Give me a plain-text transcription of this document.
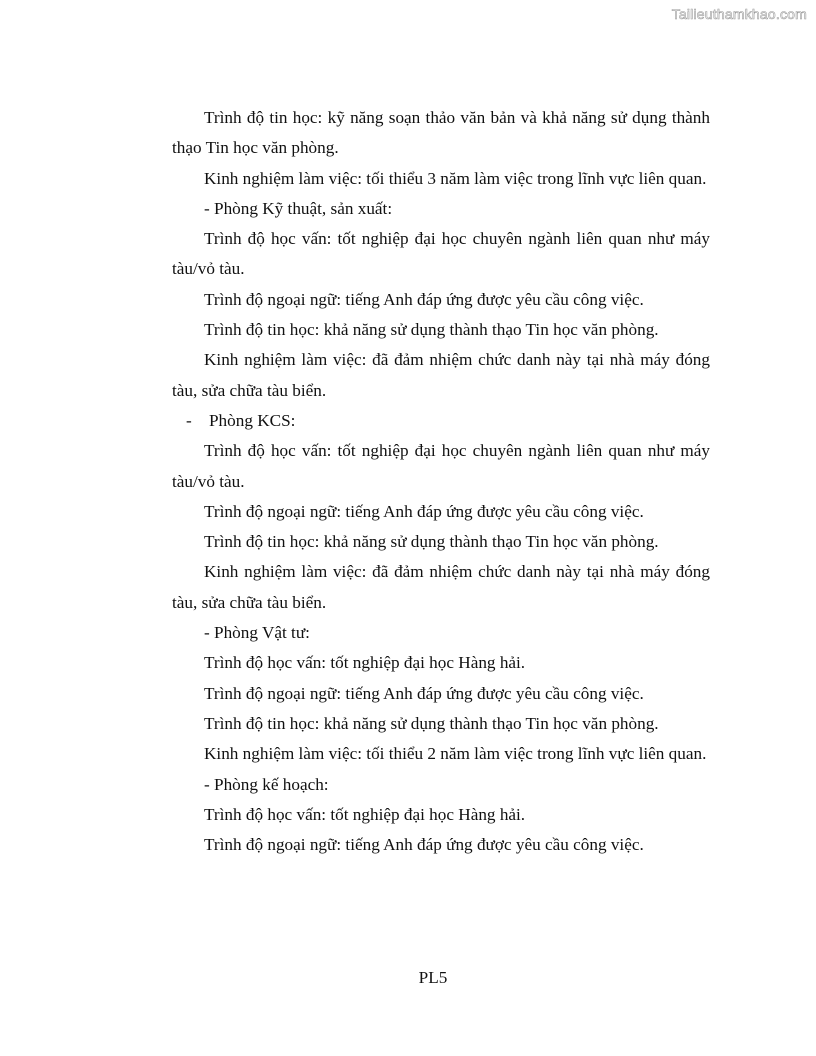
Tailieuthamkhao.com

Trình độ tin học: kỹ năng soạn thảo văn bản và khả năng sử dụng thành thạo Tin học văn phòng.

Kinh nghiệm làm việc: tối thiểu 3 năm làm việc trong lĩnh vực liên quan.

- Phòng Kỹ thuật, sản xuất:

Trình độ học vấn: tốt nghiệp đại học chuyên ngành liên quan như máy tàu/vỏ tàu.

Trình độ ngoại ngữ: tiếng Anh đáp ứng được yêu cầu công việc.

Trình độ tin học: khả năng sử dụng thành thạo Tin học văn phòng.

Kinh nghiệm làm việc: đã đảm nhiệm chức danh này tại nhà máy đóng tàu, sửa chữa tàu biển.

- Phòng KCS:

Trình độ học vấn: tốt nghiệp đại học chuyên ngành liên quan như máy tàu/vỏ tàu.

Trình độ ngoại ngữ: tiếng Anh đáp ứng được yêu cầu công việc.

Trình độ tin học: khả năng sử dụng thành thạo Tin học văn phòng.

Kinh nghiệm làm việc: đã đảm nhiệm chức danh này tại nhà máy đóng tàu, sửa chữa tàu biển.

- Phòng Vật tư:

Trình độ học vấn: tốt nghiệp đại học Hàng hải.

Trình độ ngoại ngữ: tiếng Anh đáp ứng được yêu cầu công việc.

Trình độ tin học: khả năng sử dụng thành thạo Tin học văn phòng.

Kinh nghiệm làm việc: tối thiểu 2 năm làm việc trong lĩnh vực liên quan.

- Phòng kế hoạch:

Trình độ học vấn: tốt nghiệp đại học Hàng hải.

Trình độ ngoại ngữ: tiếng Anh đáp ứng được yêu cầu công việc.

PL5
